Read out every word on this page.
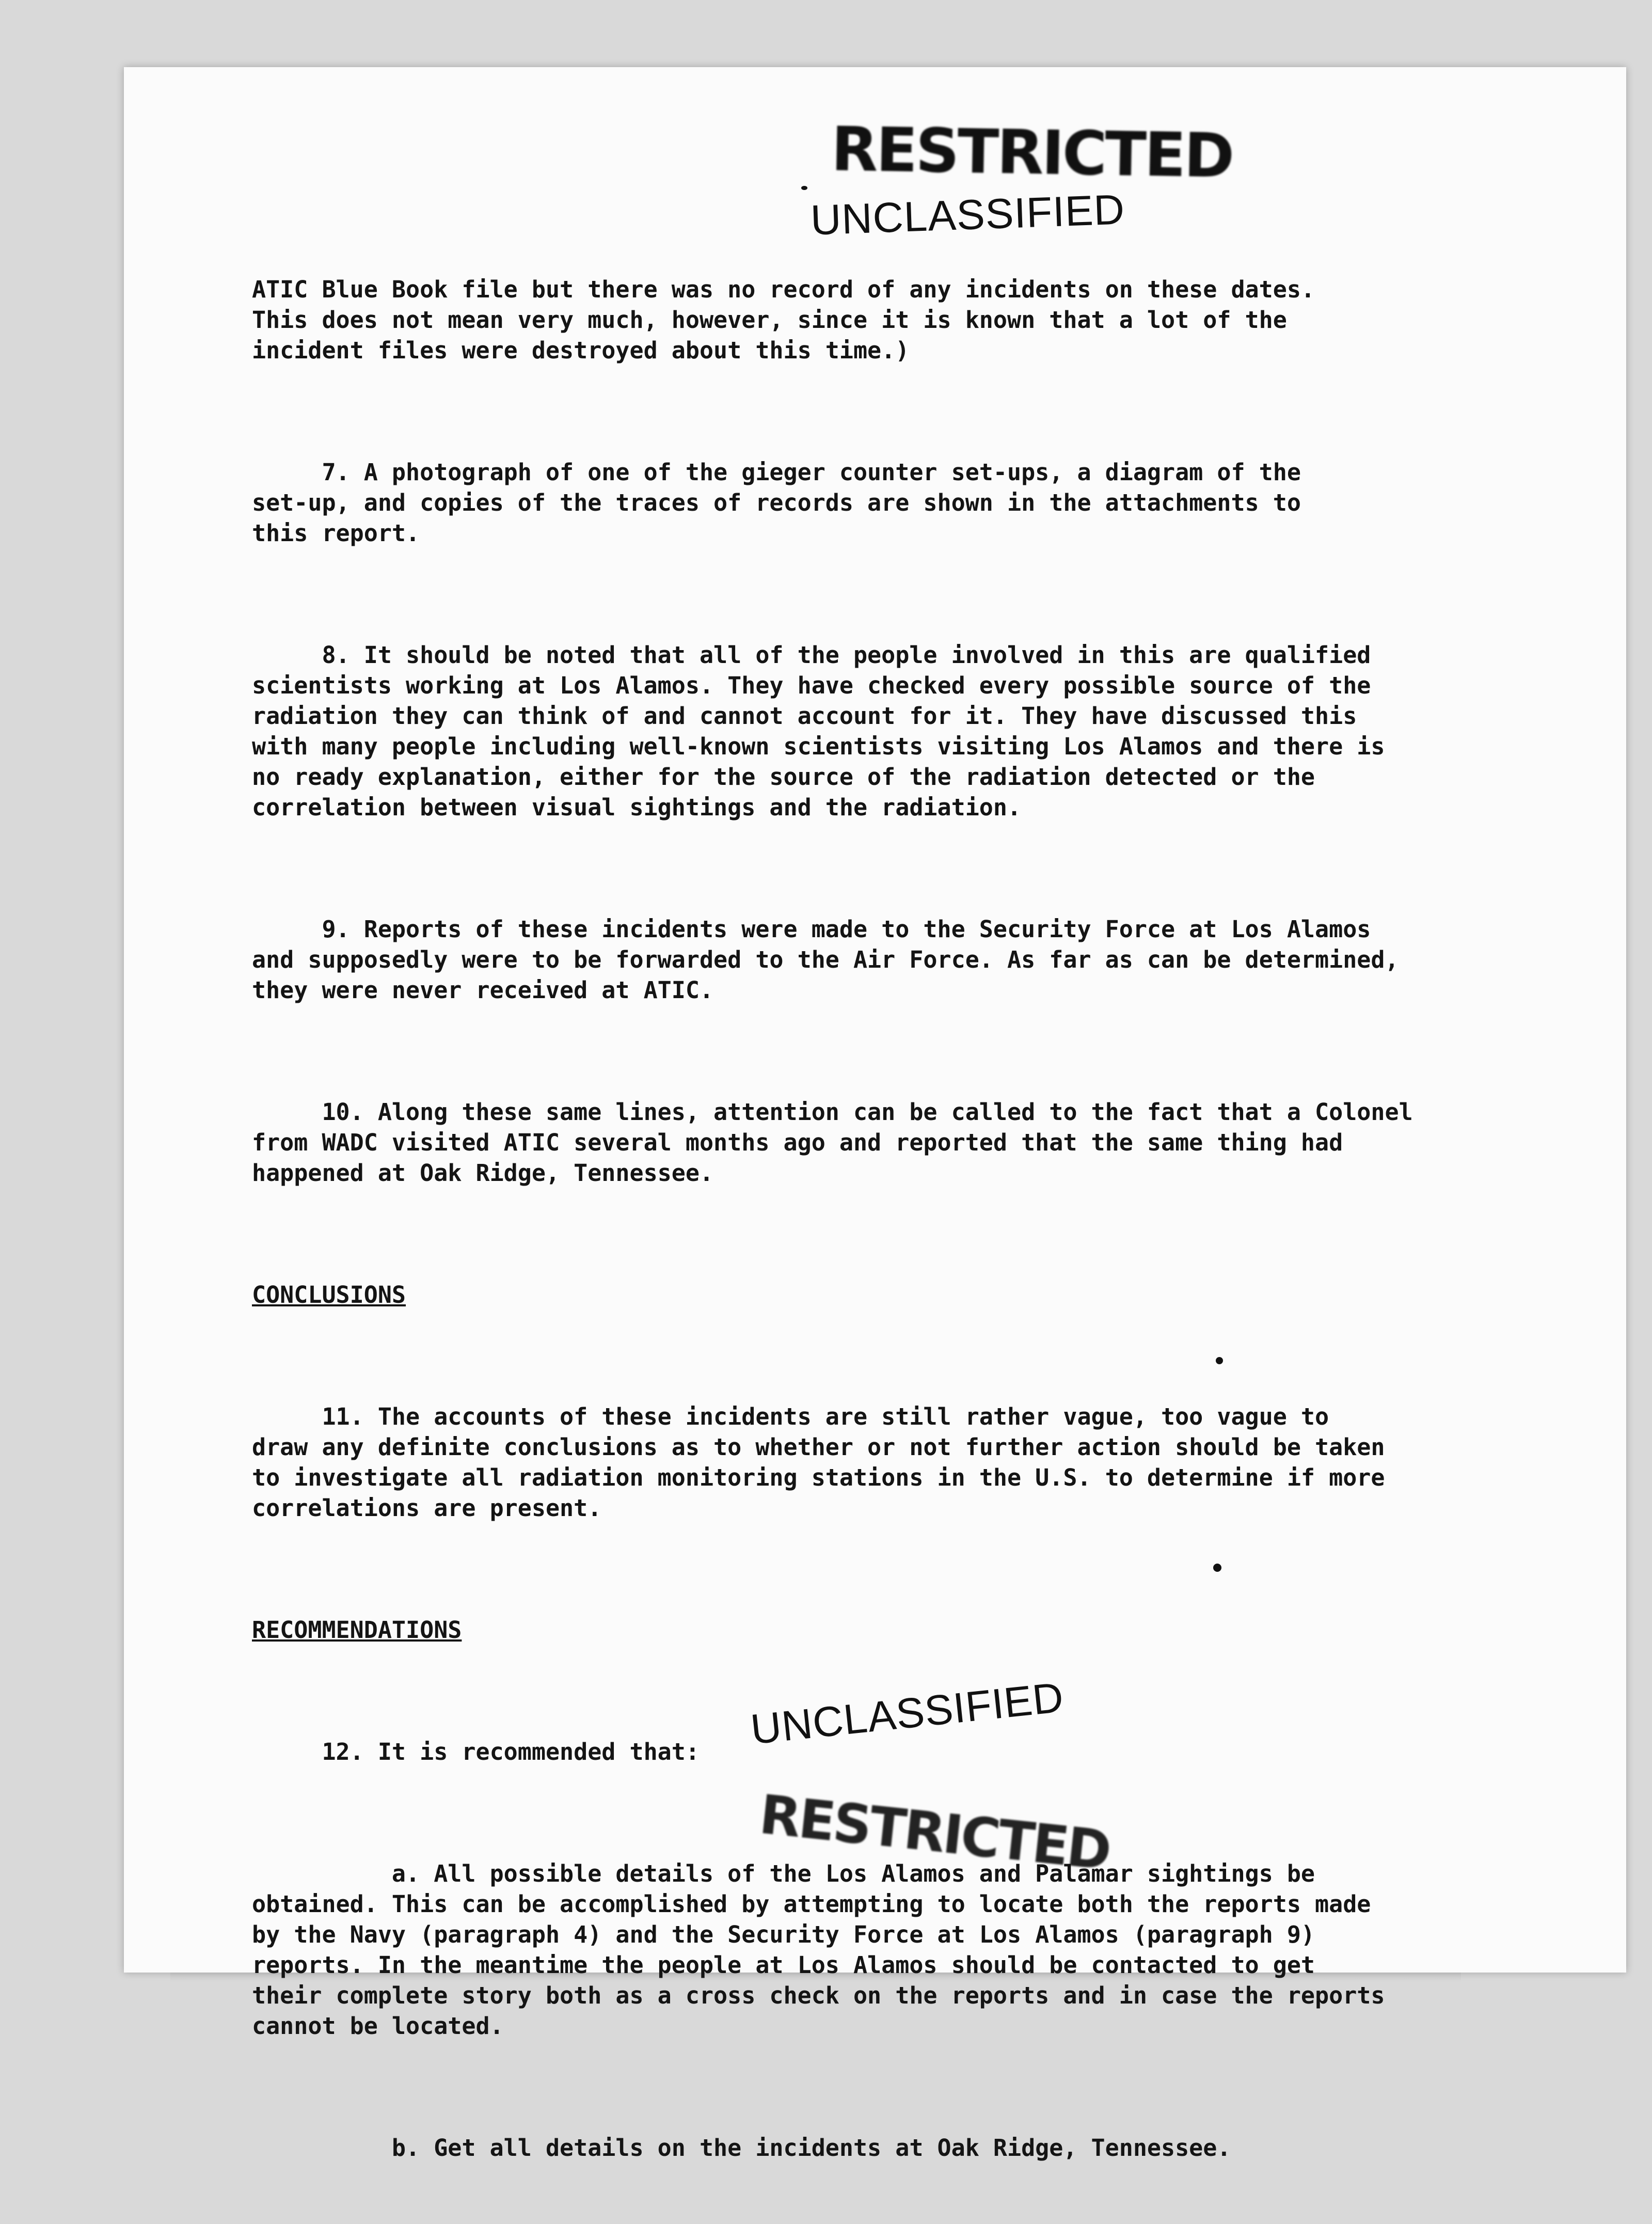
RESTRICTED
UNCLASSIFIED

ATIC Blue Book file but there was no record of any incidents on these dates.
This does not mean very much, however, since it is known that a lot of the
incident files were destroyed about this time.)

7. A photograph of one of the gieger counter set-ups, a diagram of the
set-up, and copies of the traces of records are shown in the attachments to
this report.

8. It should be noted that all of the people involved in this are qualified
scientists working at Los Alamos. They have checked every possible source of the
radiation they can think of and cannot account for it. They have discussed this
with many people including well-known scientists visiting Los Alamos and there is
no ready explanation, either for the source of the radiation detected or the
correlation between visual sightings and the radiation.

9. Reports of these incidents were made to the Security Force at Los Alamos
and supposedly were to be forwarded to the Air Force. As far as can be determined,
they were never received at ATIC.

10. Along these same lines, attention can be called to the fact that a Colonel
from WADC visited ATIC several months ago and reported that the same thing had
happened at Oak Ridge, Tennessee.

CONCLUSIONS

11. The accounts of these incidents are still rather vague, too vague to
draw any definite conclusions as to whether or not further action should be taken
to investigate all radiation monitoring stations in the U.S. to determine if more
correlations are present.

RECOMMENDATIONS

12. It is recommended that:

a. All possible details of the Los Alamos and Palamar sightings be
obtained. This can be accomplished by attempting to locate both the reports made
by the Navy (paragraph 4) and the Security Force at Los Alamos (paragraph 9)
reports. In the meantime the people at Los Alamos should be contacted to get
their complete story both as a cross check on the reports and in case the reports
cannot be located.

b. Get all details on the incidents at Oak Ridge, Tennessee.

UNCLASSIFIED
RESTRICTED
